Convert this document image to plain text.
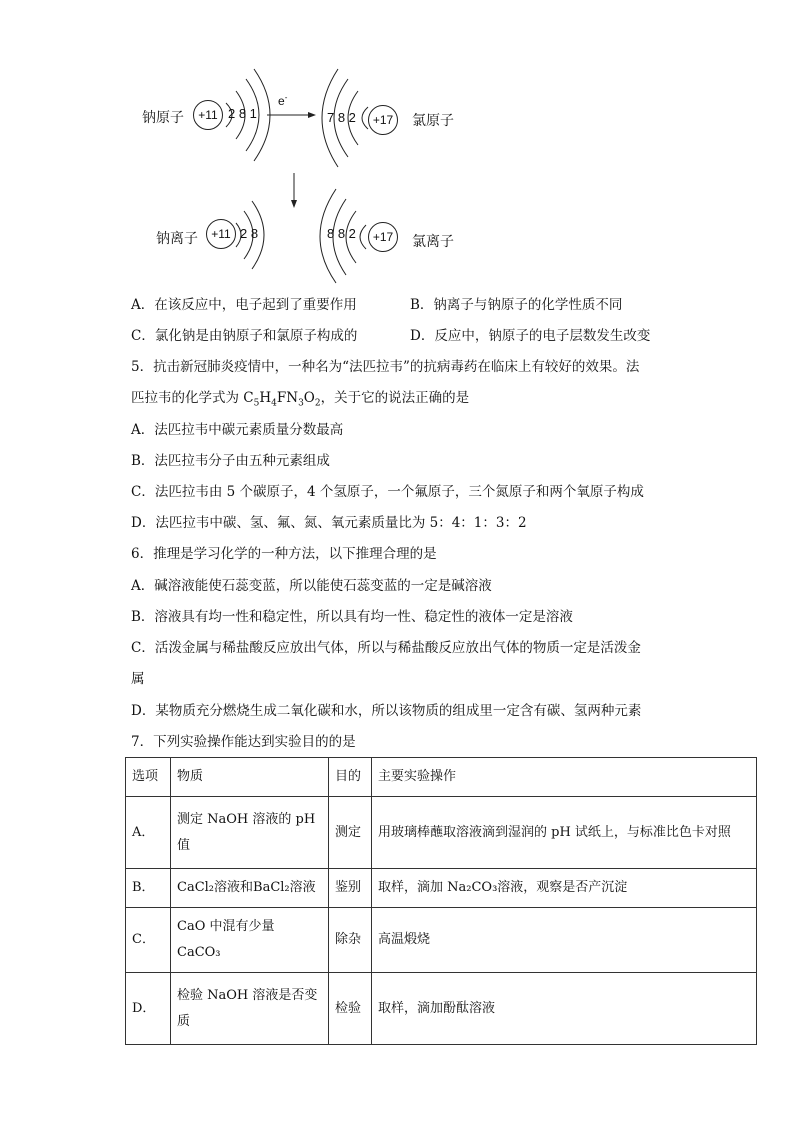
钠原子	+11 2 8 1
e-
7 8 2	+17	氯原子
钠离子	+11 2 8	8 8 2	+17	氯离子
A．在该反应中，电子起到了重要作用	B．钠离子与钠原子的化学性质不同
C．氯化钠是由钠原子和氯原子构成的	D．反应中，钠原子的电子层数发生改变
5．抗击新冠肺炎疫情中，一种名为“法匹拉韦”的抗病毒药在临床上有较好的效果。法
匹拉韦的化学式为 $C_5H_4FN_3O_2$，关于它的说法正确的是
A．法匹拉韦中碳元素质量分数最高
B．法匹拉韦分子由五种元素组成
C．法匹拉韦由 5 个碳原子，4 个氢原子，一个氟原子，三个氮原子和两个氧原子构成
D．法匹拉韦中碳、氢、氟、氮、氧元素质量比为 5：4：1：3：2
6．推理是学习化学的一种方法，以下推理合理的是
A．碱溶液能使石蕊变蓝，所以能使石蕊变蓝的一定是碱溶液
B．溶液具有均一性和稳定性，所以具有均一性、稳定性的液体一定是溶液
C．活泼金属与稀盐酸反应放出气体，所以与稀盐酸反应放出气体的物质一定是活泼金
属
D．某物质充分燃烧生成二氧化碳和水，所以该物质的组成里一定含有碳、氢两种元素
7．下列实验操作能达到实验目的的是
选项	物质	目的	主要实验操作
A．	测定 NaOH 溶液的 pH 值	测定	用玻璃棒蘸取溶液滴到湿润的 pH 试纸上，与标准比色卡对照
B．	CaCl₂溶液和BaCl₂溶液	鉴别	取样，滴加 Na₂CO₃溶液，观察是否产沉淀
C．	CaO 中混有少量 CaCO₃	除杂	高温煅烧
D．	检验 NaOH 溶液是否变质	检验	取样，滴加酚酞溶液
